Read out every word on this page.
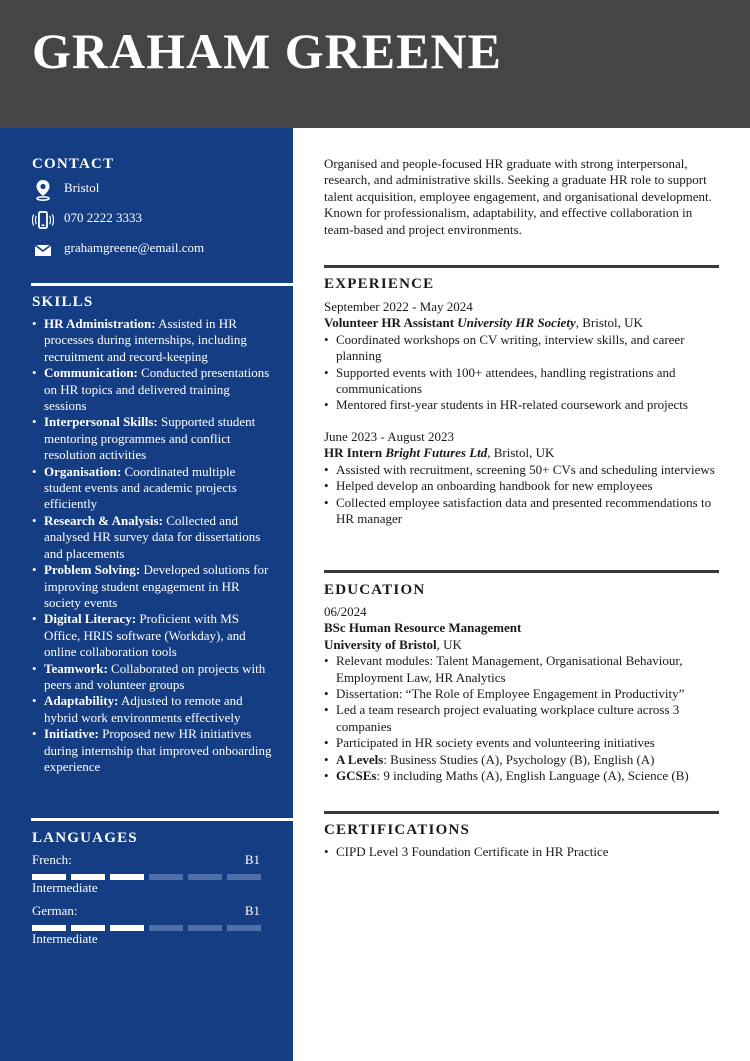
GRAHAM GREENE
CONTACT
Bristol
070 2222 3333
grahamgreene@email.com
SKILLS
• HR Administration: Assisted in HR processes during internships, including recruitment and record-keeping
• Communication: Conducted presentations on HR topics and delivered training sessions
• Interpersonal Skills: Supported student mentoring programmes and conflict resolution activities
• Organisation: Coordinated multiple student events and academic projects efficiently
• Research & Analysis: Collected and analysed HR survey data for dissertations and placements
• Problem Solving: Developed solutions for improving student engagement in HR society events
• Digital Literacy: Proficient with MS Office, HRIS software (Workday), and online collaboration tools
• Teamwork: Collaborated on projects with peers and volunteer groups
• Adaptability: Adjusted to remote and hybrid work environments effectively
• Initiative: Proposed new HR initiatives during internship that improved onboarding experience
LANGUAGES
French:	B1
Intermediate
German:	B1
Intermediate
Organised and people-focused HR graduate with strong interpersonal, research, and administrative skills. Seeking a graduate HR role to support talent acquisition, employee engagement, and organisational development. Known for professionalism, adaptability, and effective collaboration in team-based and project environments.
EXPERIENCE
September 2022 - May 2024
Volunteer HR Assistant University HR Society, Bristol, UK
• Coordinated workshops on CV writing, interview skills, and career planning
• Supported events with 100+ attendees, handling registrations and communications
• Mentored first-year students in HR-related coursework and projects
June 2023 - August 2023
HR Intern Bright Futures Ltd, Bristol, UK
• Assisted with recruitment, screening 50+ CVs and scheduling interviews
• Helped develop an onboarding handbook for new employees
• Collected employee satisfaction data and presented recommendations to HR manager
EDUCATION
06/2024
BSc Human Resource Management
University of Bristol, UK
• Relevant modules: Talent Management, Organisational Behaviour, Employment Law, HR Analytics
• Dissertation: “The Role of Employee Engagement in Productivity”
• Led a team research project evaluating workplace culture across 3 companies
• Participated in HR society events and volunteering initiatives
• A Levels: Business Studies (A), Psychology (B), English (A)
• GCSEs: 9 including Maths (A), English Language (A), Science (B)
CERTIFICATIONS
• CIPD Level 3 Foundation Certificate in HR Practice
